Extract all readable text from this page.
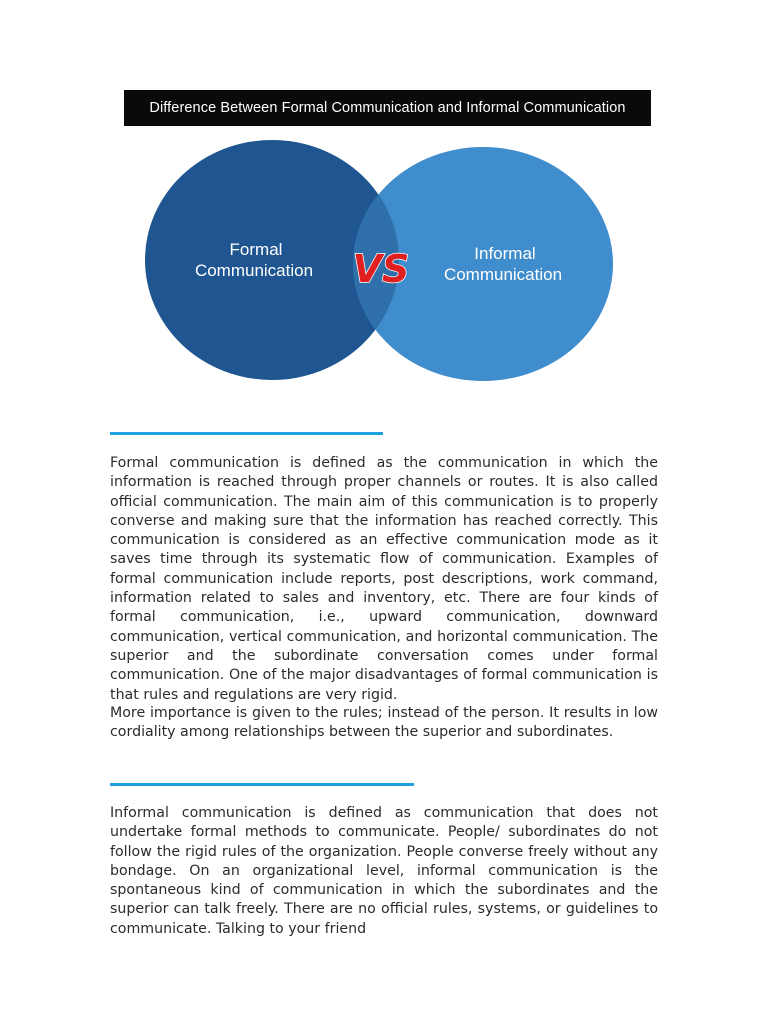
Difference Between Formal Communication and Informal Communication
Formal
Communication
Informal
Communication
VS

Formal communication is defined as the communication in which the information is reached through proper channels or routes. It is also called official communication. The main aim of this communication is to properly converse and making sure that the information has reached correctly. This communication is considered as an effective communication mode as it saves time through its systematic flow of communication. Examples of formal communication include reports, post descriptions, work command, information related to sales and inventory, etc. There are four kinds of formal communication, i.e., upward communication, downward communication, vertical communication, and horizontal communication. The superior and the subordinate conversation comes under formal communication. One of the major disadvantages of formal communication is that rules and regulations are very rigid.

More importance is given to the rules; instead of the person. It results in low cordiality among relationships between the superior and subordinates.

Informal communication is defined as communication that does not undertake formal methods to communicate. People/ subordinates do not follow the rigid rules of the organization. People converse freely without any bondage. On an organizational level, informal communication is the spontaneous kind of communication in which the subordinates and the superior can talk freely. There are no official rules, systems, or guidelines to communicate. Talking to your friend
